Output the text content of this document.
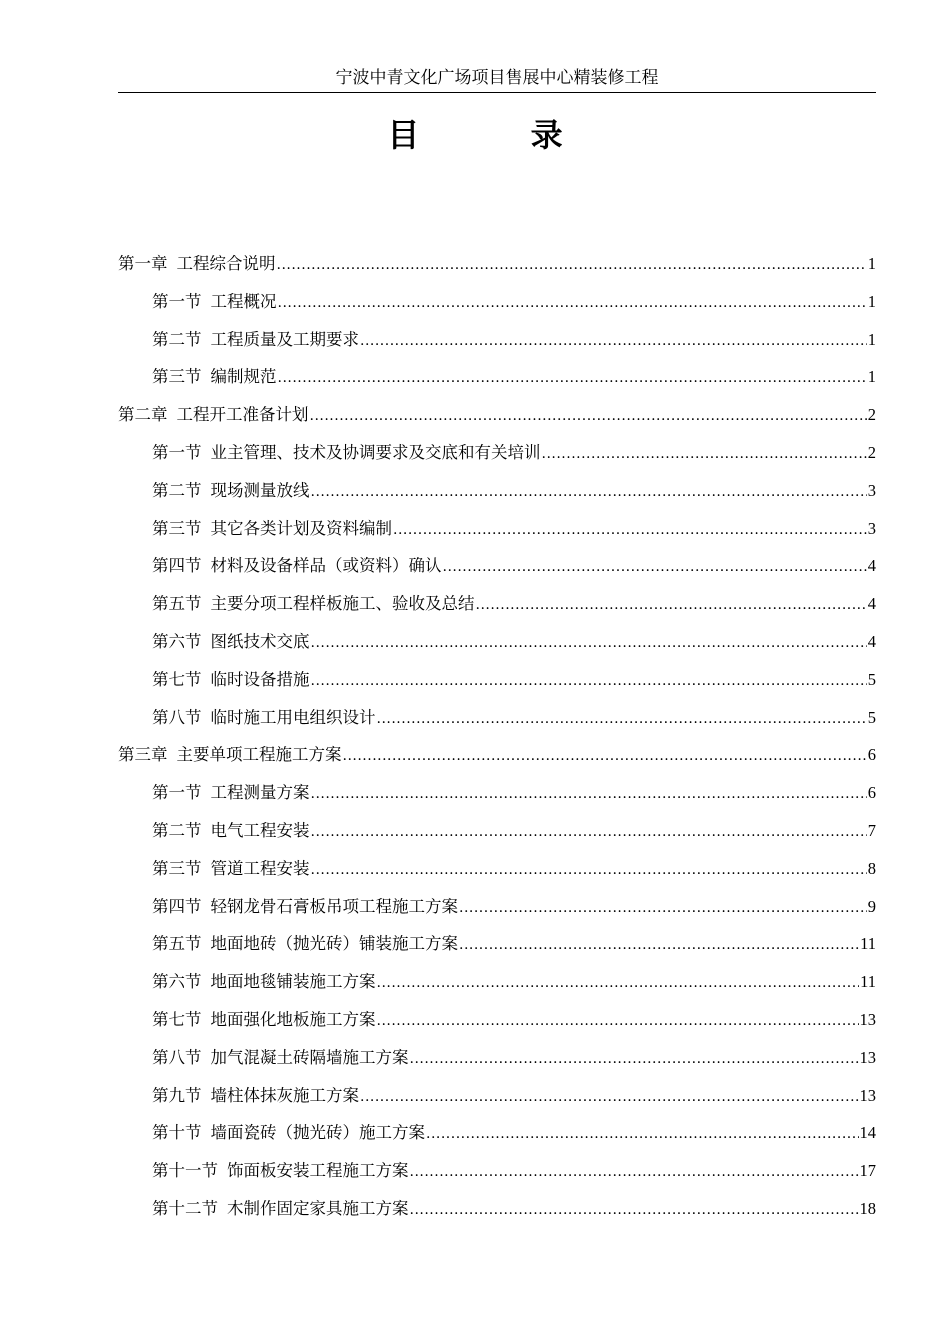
宁波中青文化广场项目售展中心精装修工程
目 录
第一章 工程综合说明 .....	1
第一节 工程概况 .....	1
第二节 工程质量及工期要求 .....	1
第三节 编制规范 .....	1
第二章 工程开工准备计划 .....	2
第一节 业主管理、技术及协调要求及交底和有关培训 .....	2
第二节 现场测量放线 .....	3
第三节 其它各类计划及资料编制 .....	3
第四节 材料及设备样品（或资料）确认 .....	4
第五节 主要分项工程样板施工、验收及总结 .....	4
第六节 图纸技术交底 .....	4
第七节 临时设备措施 .....	5
第八节 临时施工用电组织设计 .....	5
第三章 主要单项工程施工方案 .....	6
第一节 工程测量方案 .....	6
第二节 电气工程安装 .....	7
第三节 管道工程安装 .....	8
第四节 轻钢龙骨石膏板吊项工程施工方案 .....	9
第五节 地面地砖（抛光砖）铺装施工方案 .....	11
第六节 地面地毯铺装施工方案 .....	11
第七节 地面强化地板施工方案 .....	13
第八节 加气混凝土砖隔墙施工方案 .....	13
第九节 墙柱体抹灰施工方案 .....	13
第十节 墙面瓷砖（抛光砖）施工方案 .....	14
第十一节 饰面板安装工程施工方案 .....	17
第十二节 木制作固定家具施工方案 .....	18
